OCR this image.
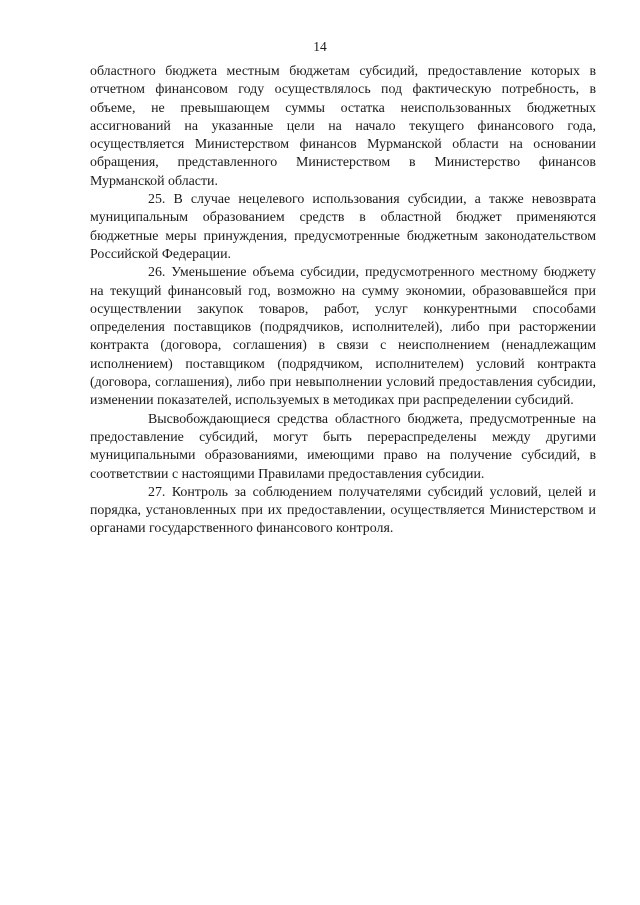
14

областного бюджета местным бюджетам субсидий, предоставление которых в отчетном финансовом году осуществлялось под фактическую потребность, в объеме, не превышающем суммы остатка неиспользованных бюджетных ассигнований на указанные цели на начало текущего финансового года, осуществляется Министерством финансов Мурманской области на основании обращения, представленного Министерством в Министерство финансов Мурманской области.

25. В случае нецелевого использования субсидии, а также невозврата муниципальным образованием средств в областной бюджет применяются бюджетные меры принуждения, предусмотренные бюджетным законодательством Российской Федерации.

26. Уменьшение объема субсидии, предусмотренного местному бюджету на текущий финансовый год, возможно на сумму экономии, образовавшейся при осуществлении закупок товаров, работ, услуг конкурентными способами определения поставщиков (подрядчиков, исполнителей), либо при расторжении контракта (договора, соглашения) в связи с неисполнением (ненадлежащим исполнением) поставщиком (подрядчиком, исполнителем) условий контракта (договора, соглашения), либо при невыполнении условий предоставления субсидии, изменении показателей, используемых в методиках при распределении субсидий.

Высвобождающиеся средства областного бюджета, предусмотренные на предоставление субсидий, могут быть перераспределены между другими муниципальными образованиями, имеющими право на получение субсидий, в соответствии с настоящими Правилами предоставления субсидии.

27. Контроль за соблюдением получателями субсидий условий, целей и порядка, установленных при их предоставлении, осуществляется Министерством и органами государственного финансового контроля.
